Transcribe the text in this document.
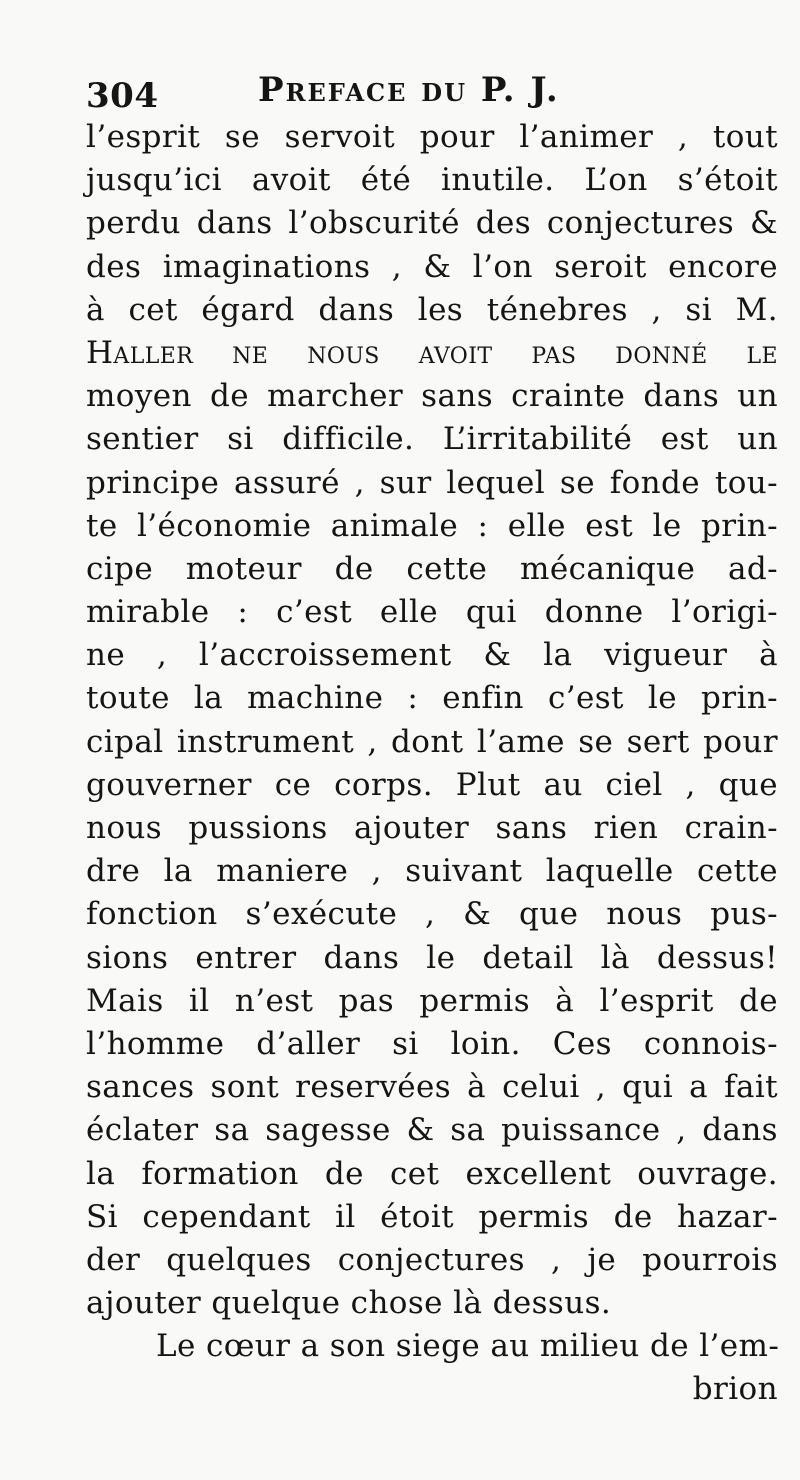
304	Preface du P. J.
l’esprit se servoit pour l’animer , tout
jusqu’ici avoit été inutile. L’on s’étoit
perdu dans l’obscurité des conjectures &
des imaginations , & l’on seroit encore
à cet égard dans les ténebres , si M.
Haller ne nous avoit pas donné le
moyen de marcher sans crainte dans un
sentier si difficile. L’irritabilité est un
principe assuré , sur lequel se fonde tou-
te l’économie animale : elle est le prin-
cipe moteur de cette mécanique ad-
mirable : c’est elle qui donne l’origi-
ne , l’accroissement & la vigueur à
toute la machine : enfin c’est le prin-
cipal instrument , dont l’ame se sert pour
gouverner ce corps. Plut au ciel , que
nous pussions ajouter sans rien crain-
dre la maniere , suivant laquelle cette
fonction s’exécute , & que nous pus-
sions entrer dans le detail là dessus!
Mais il n’est pas permis à l’esprit de
l’homme d’aller si loin. Ces connois-
sances sont reservées à celui , qui a fait
éclater sa sagesse & sa puissance , dans
la formation de cet excellent ouvrage.
Si cependant il étoit permis de hazar-
der quelques conjectures , je pourrois
ajouter quelque chose là dessus.
Le cœur a son siege au milieu de l’em-
brion
